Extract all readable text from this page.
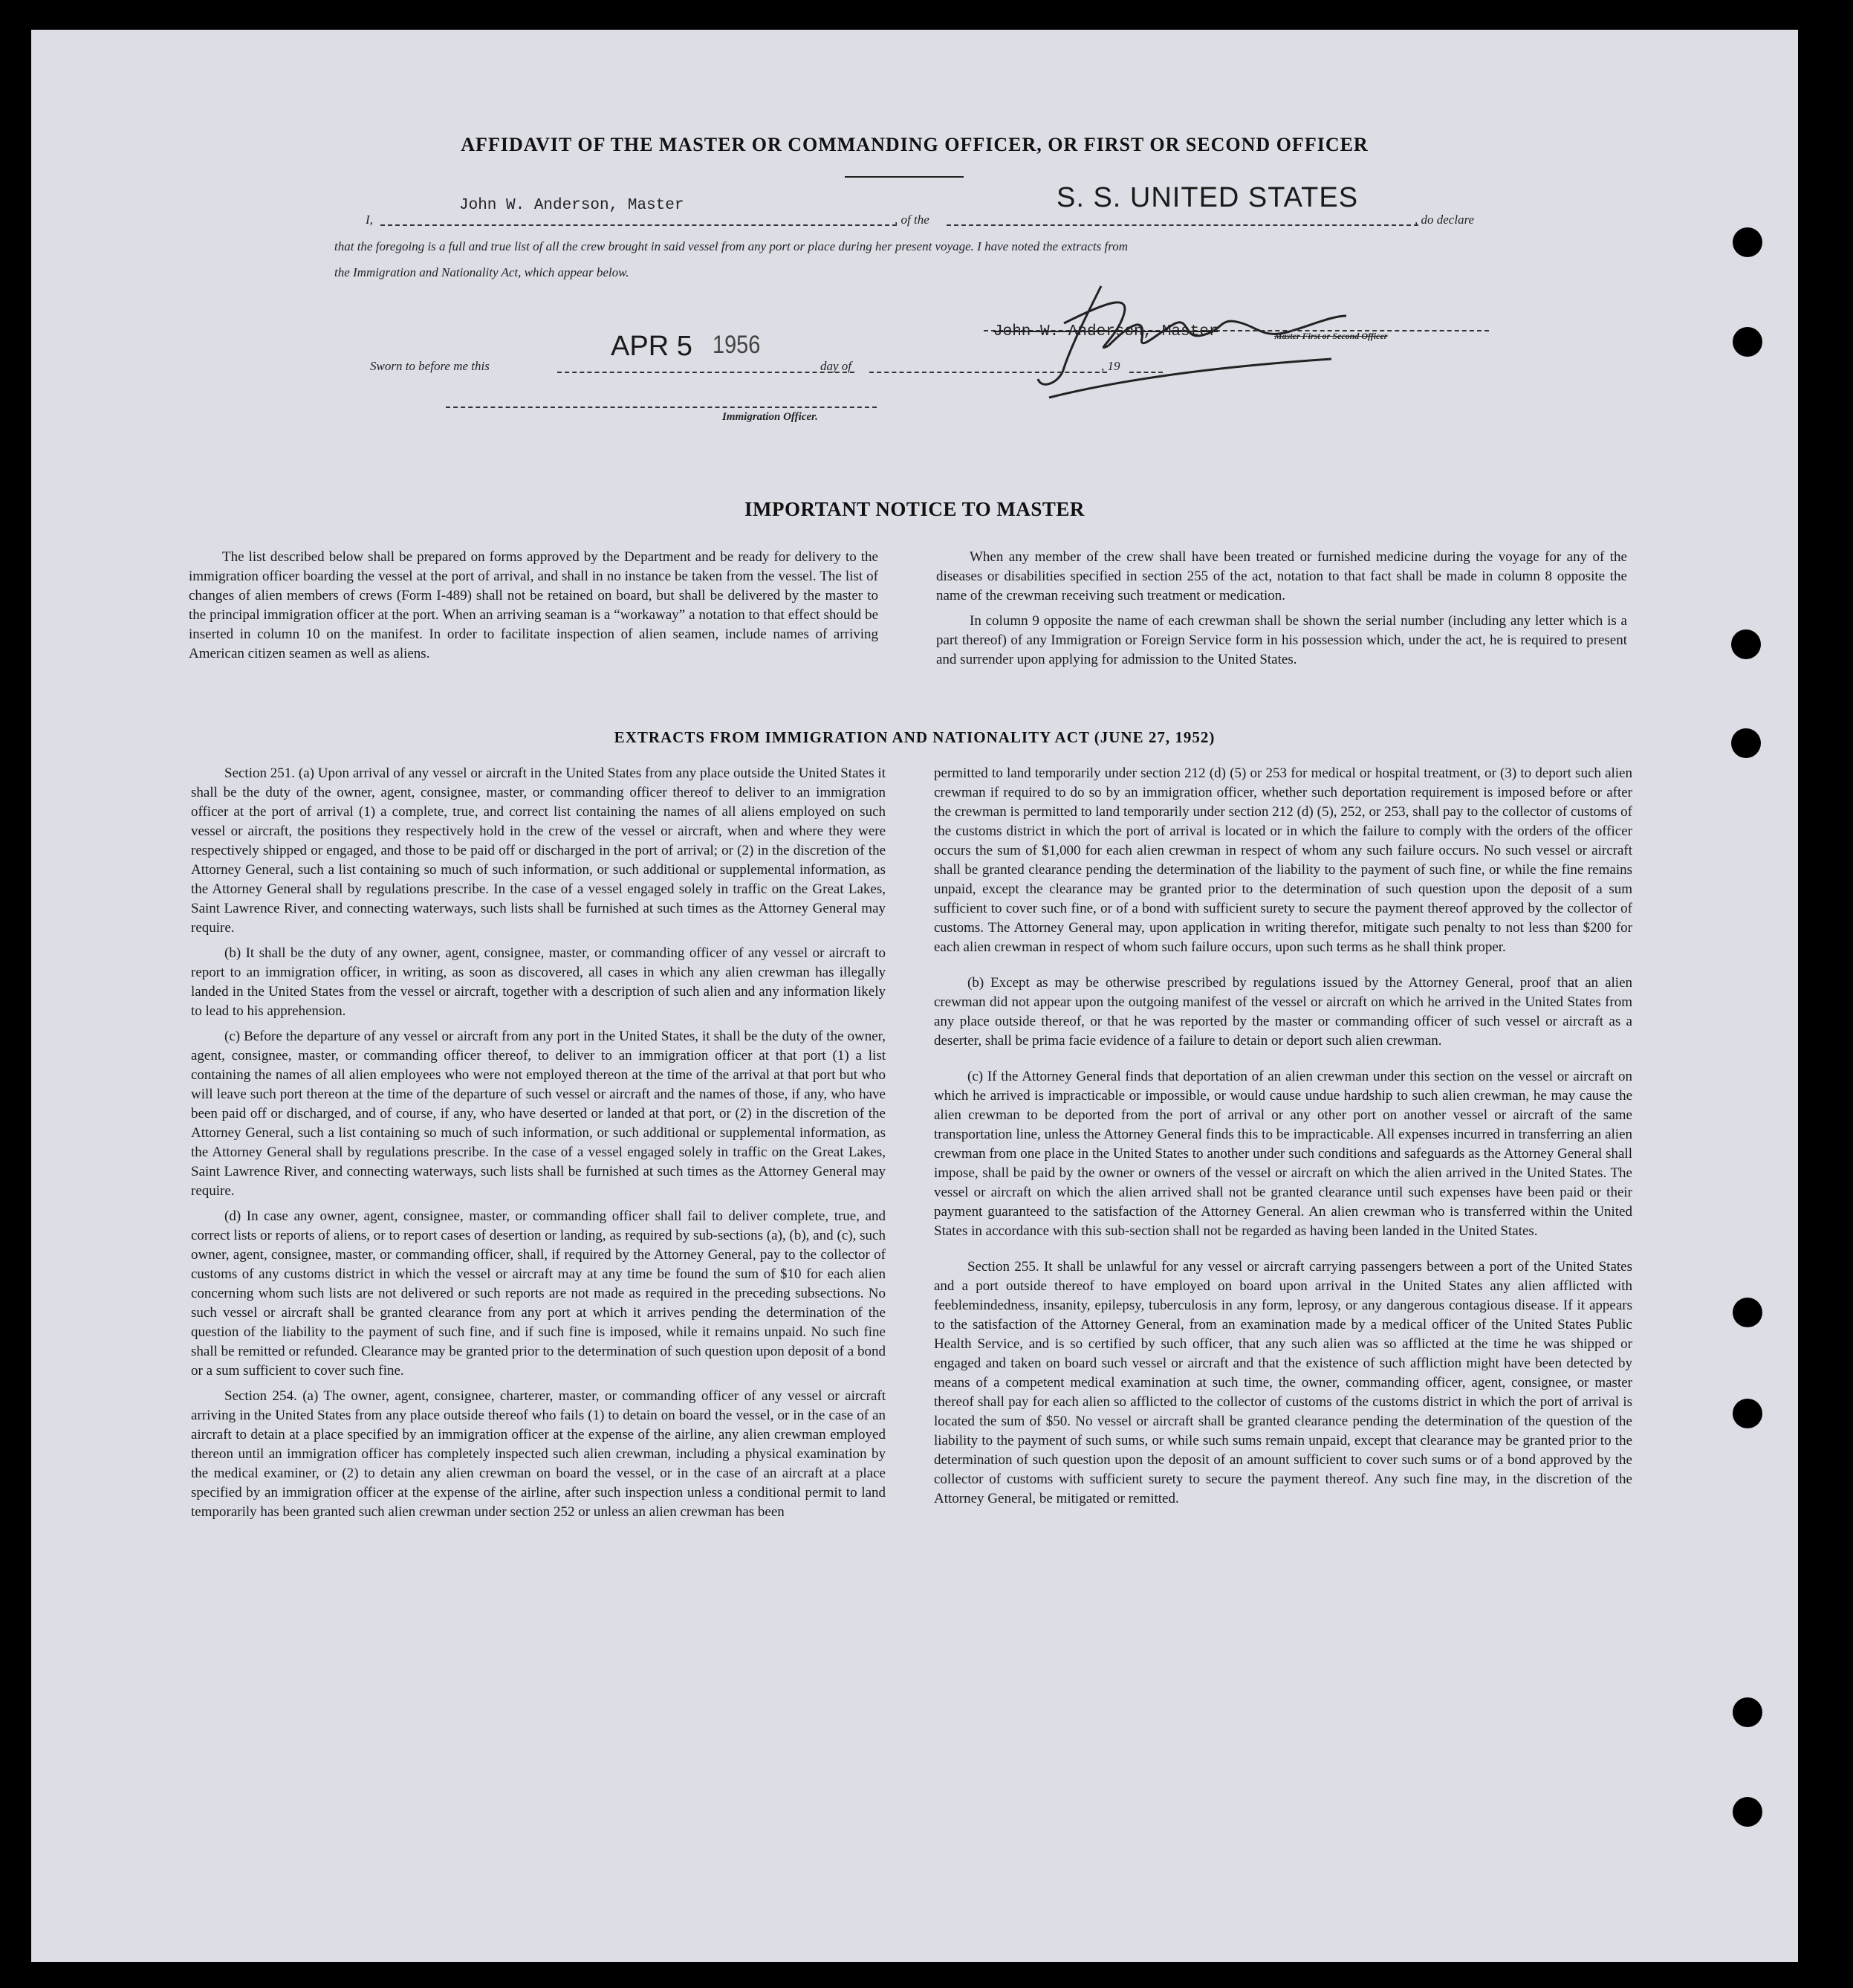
AFFIDAVIT OF THE MASTER OR COMMANDING OFFICER, OR FIRST OR SECOND OFFICER
I,
John W. Anderson, Master
, of the
S. S. UNITED STATES
, do declare
that the foregoing is a full and true list of all the crew brought in said vessel from any port or place during her present voyage. I have noted the extracts from
the Immigration and Nationality Act, which appear below.
John W. Anderson, Master	Master First or Second Officer
Sworn to before me this
APR 5 1956
day of	, 19
Immigration Officer.
IMPORTANT NOTICE TO MASTER

The list described below shall be prepared on forms approved by the Department and be ready for delivery to the immigration officer boarding the vessel at the port of arrival, and shall in no instance be taken from the vessel. The list of changes of alien members of crews (Form I-489) shall not be retained on board, but shall be delivered by the master to the principal immigration officer at the port. When an arriving seaman is a “workaway” a notation to that effect should be inserted in column 10 on the manifest. In order to facilitate inspection of alien seamen, include names of arriving American citizen seamen as well as aliens.

When any member of the crew shall have been treated or furnished medicine during the voyage for any of the diseases or disabilities specified in section 255 of the act, notation to that fact shall be made in column 8 opposite the name of the crewman receiving such treatment or medication.

In column 9 opposite the name of each crewman shall be shown the serial number (including any letter which is a part thereof) of any Immigration or Foreign Service form in his possession which, under the act, he is required to present and surrender upon applying for admission to the United States.

EXTRACTS FROM IMMIGRATION AND NATIONALITY ACT (JUNE 27, 1952)

Section 251. (a) Upon arrival of any vessel or aircraft in the United States from any place outside the United States it shall be the duty of the owner, agent, consignee, master, or commanding officer thereof to deliver to an immigration officer at the port of arrival (1) a complete, true, and correct list containing the names of all aliens employed on such vessel or aircraft, the positions they respectively hold in the crew of the vessel or aircraft, when and where they were respectively shipped or engaged, and those to be paid off or discharged in the port of arrival; or (2) in the discretion of the Attorney General, such a list containing so much of such information, or such additional or supplemental information, as the Attorney General shall by regulations prescribe. In the case of a vessel engaged solely in traffic on the Great Lakes, Saint Lawrence River, and connecting waterways, such lists shall be furnished at such times as the Attorney General may require.

(b) It shall be the duty of any owner, agent, consignee, master, or commanding officer of any vessel or aircraft to report to an immigration officer, in writing, as soon as discovered, all cases in which any alien crewman has illegally landed in the United States from the vessel or aircraft, together with a description of such alien and any information likely to lead to his apprehension.

(c) Before the departure of any vessel or aircraft from any port in the United States, it shall be the duty of the owner, agent, consignee, master, or commanding officer thereof, to deliver to an immigration officer at that port (1) a list containing the names of all alien employees who were not employed thereon at the time of the arrival at that port but who will leave such port thereon at the time of the departure of such vessel or aircraft and the names of those, if any, who have been paid off or discharged, and of course, if any, who have deserted or landed at that port, or (2) in the discretion of the Attorney General, such a list containing so much of such information, or such additional or supplemental information, as the Attorney General shall by regulations prescribe. In the case of a vessel engaged solely in traffic on the Great Lakes, Saint Lawrence River, and connecting waterways, such lists shall be furnished at such times as the Attorney General may require.

(d) In case any owner, agent, consignee, master, or commanding officer shall fail to deliver complete, true, and correct lists or reports of aliens, or to report cases of desertion or landing, as required by sub-sections (a), (b), and (c), such owner, agent, consignee, master, or commanding officer, shall, if required by the Attorney General, pay to the collector of customs of any customs district in which the vessel or aircraft may at any time be found the sum of $10 for each alien concerning whom such lists are not delivered or such reports are not made as required in the preceding subsections. No such vessel or aircraft shall be granted clearance from any port at which it arrives pending the determination of the question of the liability to the payment of such fine, and if such fine is imposed, while it remains unpaid. No such fine shall be remitted or refunded. Clearance may be granted prior to the determination of such question upon deposit of a bond or a sum sufficient to cover such fine.

Section 254. (a) The owner, agent, consignee, charterer, master, or commanding officer of any vessel or aircraft arriving in the United States from any place outside thereof who fails (1) to detain on board the vessel, or in the case of an aircraft to detain at a place specified by an immigration officer at the expense of the airline, any alien crewman employed thereon until an immigration officer has completely inspected such alien crewman, including a physical examination by the medical examiner, or (2) to detain any alien crewman on board the vessel, or in the case of an aircraft at a place specified by an immigration officer at the expense of the airline, after such inspection unless a conditional permit to land temporarily has been granted such alien crewman under section 252 or unless an alien crewman has been

permitted to land temporarily under section 212 (d) (5) or 253 for medical or hospital treatment, or (3) to deport such alien crewman if required to do so by an immigration officer, whether such deportation requirement is imposed before or after the crewman is permitted to land temporarily under section 212 (d) (5), 252, or 253, shall pay to the collector of customs of the customs district in which the port of arrival is located or in which the failure to comply with the orders of the officer occurs the sum of $1,000 for each alien crewman in respect of whom any such failure occurs. No such vessel or aircraft shall be granted clearance pending the determination of the liability to the payment of such fine, or while the fine remains unpaid, except the clearance may be granted prior to the determination of such question upon the deposit of a sum sufficient to cover such fine, or of a bond with sufficient surety to secure the payment thereof approved by the collector of customs. The Attorney General may, upon application in writing therefor, mitigate such penalty to not less than $200 for each alien crewman in respect of whom such failure occurs, upon such terms as he shall think proper.

(b) Except as may be otherwise prescribed by regulations issued by the Attorney General, proof that an alien crewman did not appear upon the outgoing manifest of the vessel or aircraft on which he arrived in the United States from any place outside thereof, or that he was reported by the master or commanding officer of such vessel or aircraft as a deserter, shall be prima facie evidence of a failure to detain or deport such alien crewman.

(c) If the Attorney General finds that deportation of an alien crewman under this section on the vessel or aircraft on which he arrived is impracticable or impossible, or would cause undue hardship to such alien crewman, he may cause the alien crewman to be deported from the port of arrival or any other port on another vessel or aircraft of the same transportation line, unless the Attorney General finds this to be impracticable. All expenses incurred in transferring an alien crewman from one place in the United States to another under such conditions and safeguards as the Attorney General shall impose, shall be paid by the owner or owners of the vessel or aircraft on which the alien arrived in the United States. The vessel or aircraft on which the alien arrived shall not be granted clearance until such expenses have been paid or their payment guaranteed to the satisfaction of the Attorney General. An alien crewman who is transferred within the United States in accordance with this sub-section shall not be regarded as having been landed in the United States.

Section 255. It shall be unlawful for any vessel or aircraft carrying passengers between a port of the United States and a port outside thereof to have employed on board upon arrival in the United States any alien afflicted with feeblemindedness, insanity, epilepsy, tuberculosis in any form, leprosy, or any dangerous contagious disease. If it appears to the satisfaction of the Attorney General, from an examination made by a medical officer of the United States Public Health Service, and is so certified by such officer, that any such alien was so afflicted at the time he was shipped or engaged and taken on board such vessel or aircraft and that the existence of such affliction might have been detected by means of a competent medical examination at such time, the owner, commanding officer, agent, consignee, or master thereof shall pay for each alien so afflicted to the collector of customs of the customs district in which the port of arrival is located the sum of $50. No vessel or aircraft shall be granted clearance pending the determination of the question of the liability to the payment of such sums, or while such sums remain unpaid, except that clearance may be granted prior to the determination of such question upon the deposit of an amount sufficient to cover such sums or of a bond approved by the collector of customs with sufficient surety to secure the payment thereof. Any such fine may, in the discretion of the Attorney General, be mitigated or remitted.
